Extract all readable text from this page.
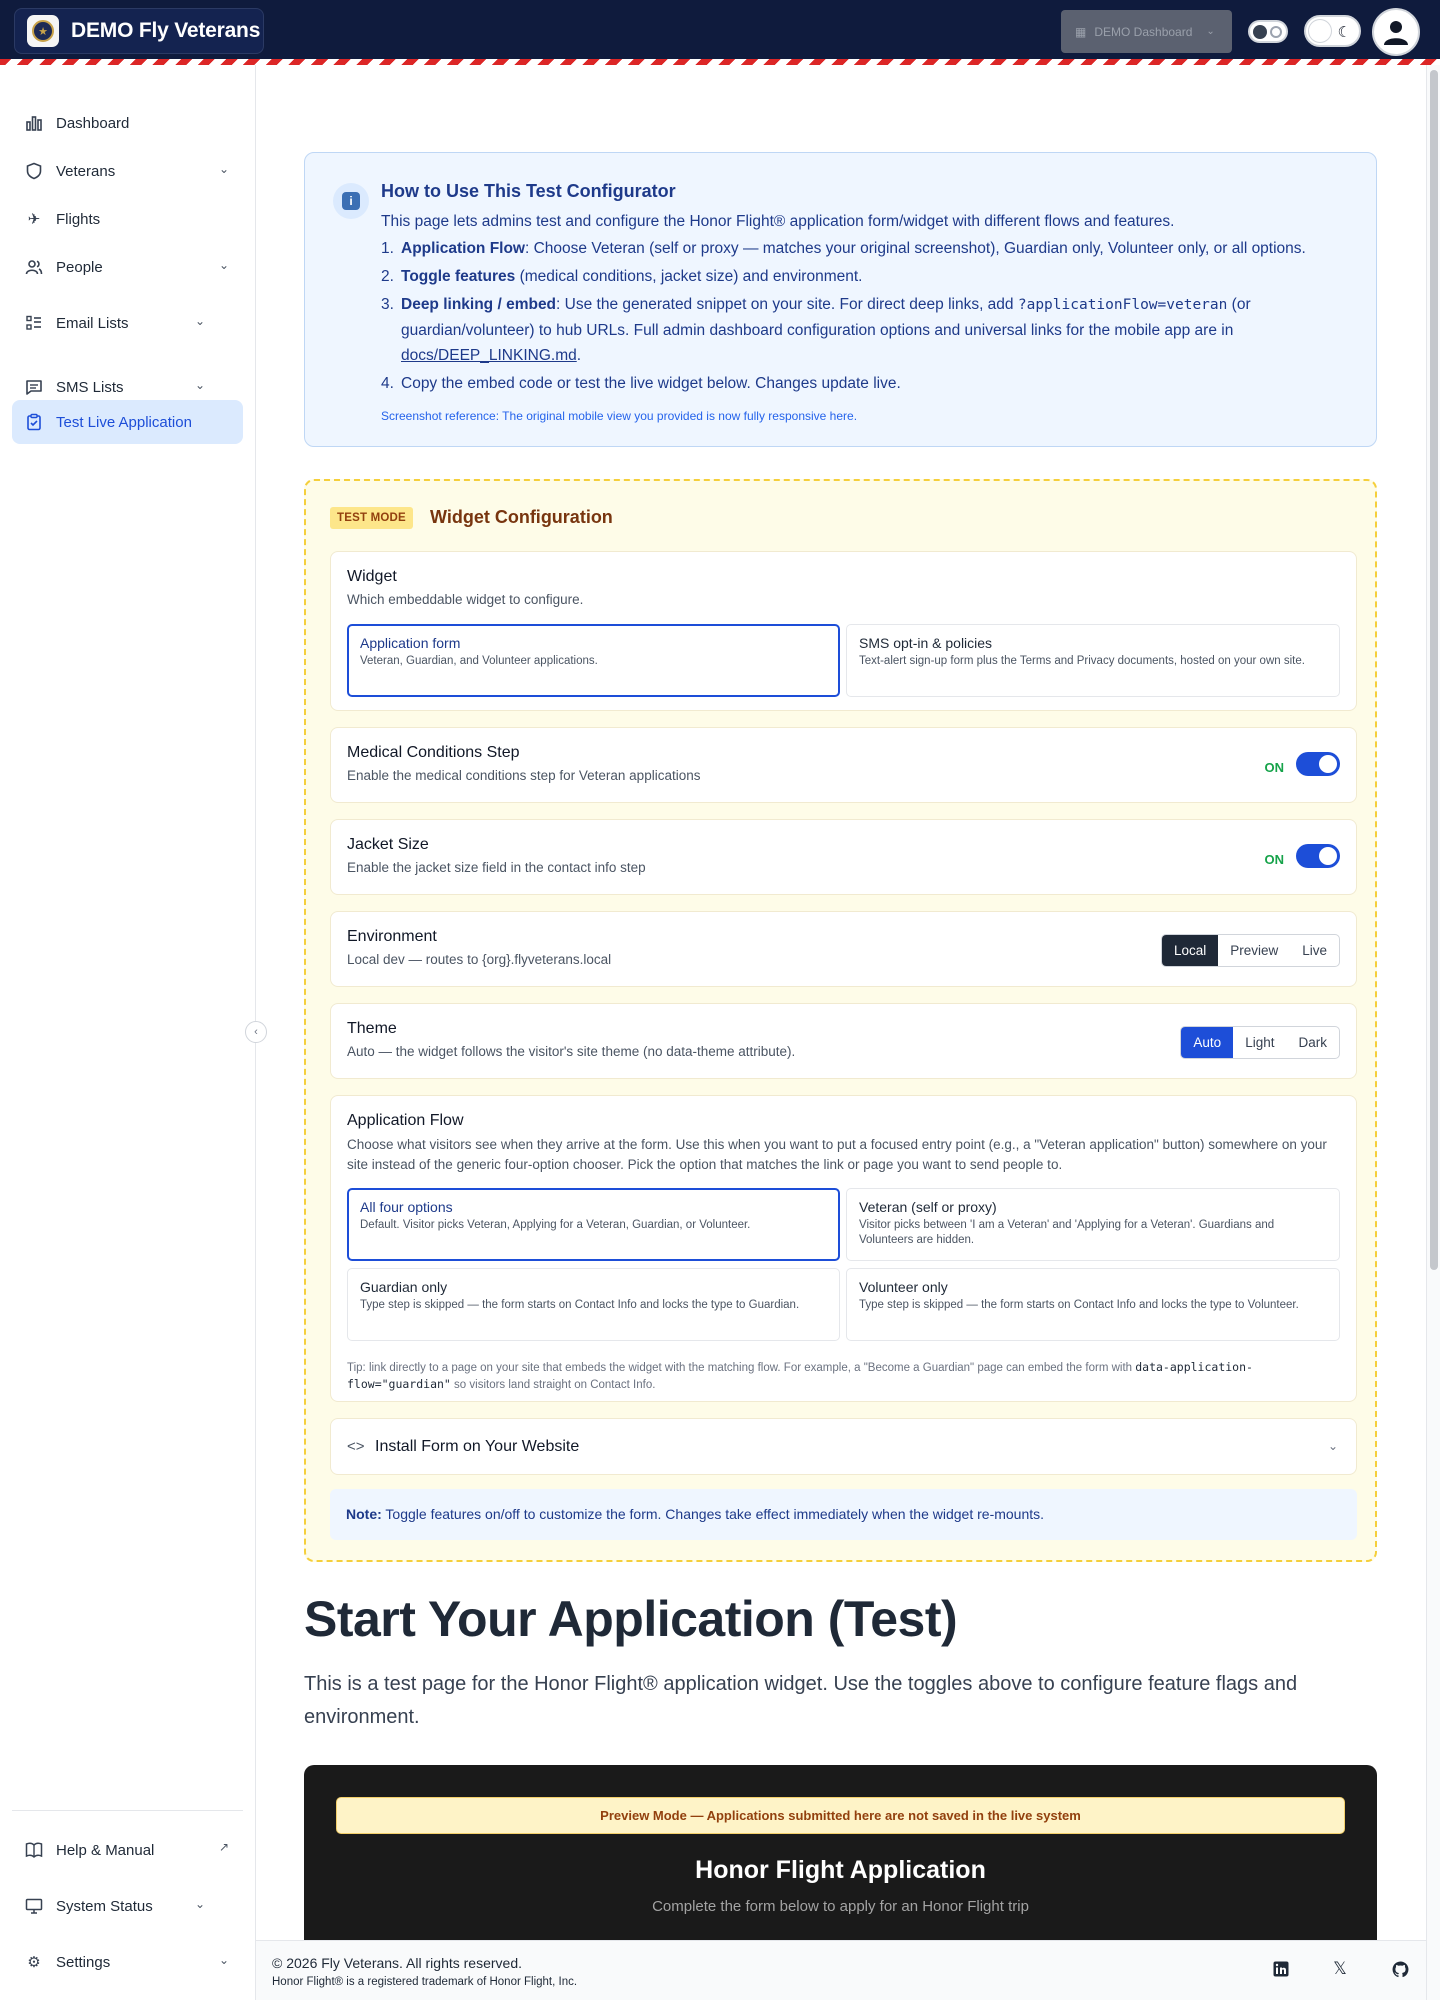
★ DEMO Fly Veterans	▦ DEMO Dashboard ⌄	☾
Dashboard
Veterans	⌄
✈ Flights
People	⌄
Email Lists	⌄
SMS Lists	⌄
Test Live Application
Help & Manual	↗
System Status	⌄
⚙ Settings	⌄
‹
i	How to Use This Test Configurator
This page lets admins test and configure the Honor Flight® application form/widget with different flows and features.
1. Application Flow: Choose Veteran (self or proxy — matches your original screenshot), Guardian only, Volunteer only, or all options.
2. Toggle features (medical conditions, jacket size) and environment.
3. Deep linking / embed: Use the generated snippet on your site. For direct deep links, add ?applicationFlow=veteran (or guardian/volunteer) to hub URLs. Full admin dashboard configuration options and universal links for the mobile app are in docs/DEEP_LINKING.md.
4. Copy the embed code or test the live widget below. Changes update live.
Screenshot reference: The original mobile view you provided is now fully responsive here.
TEST MODE	Widget Configuration
Widget
Which embeddable widget to configure.
Application form
Veteran, Guardian, and Volunteer applications.
SMS opt-in & policies
Text-alert sign-up form plus the Terms and Privacy documents, hosted on your own site.
Medical Conditions Step
Enable the medical conditions step for Veteran applications
ON
Jacket Size
Enable the jacket size field in the contact info step
ON
Environment
Local dev — routes to {org}.flyveterans.local
Local	Preview	Live
Theme
Auto — the widget follows the visitor's site theme (no data-theme attribute).
Auto	Light	Dark
Application Flow
Choose what visitors see when they arrive at the form. Use this when you want to put a focused entry point (e.g., a "Veteran application" button) somewhere on your site instead of the generic four-option chooser. Pick the option that matches the link or page you want to send people to.
All four options
Default. Visitor picks Veteran, Applying for a Veteran, Guardian, or Volunteer.
Veteran (self or proxy)
Visitor picks between 'I am a Veteran' and 'Applying for a Veteran'. Guardians and Volunteers are hidden.
Guardian only
Type step is skipped — the form starts on Contact Info and locks the type to Guardian.
Volunteer only
Type step is skipped — the form starts on Contact Info and locks the type to Volunteer.
Tip: link directly to a page on your site that embeds the widget with the matching flow. For example, a "Become a Guardian" page can embed the form with data-application-flow="guardian" so visitors land straight on Contact Info.
<> Install Form on Your Website	⌄
Note: Toggle features on/off to customize the form. Changes take effect immediately when the widget re-mounts.
Start Your Application (Test)
This is a test page for the Honor Flight® application widget. Use the toggles above to configure feature flags and environment.
Preview Mode — Applications submitted here are not saved in the live system
Honor Flight Application
Complete the form below to apply for an Honor Flight trip
© 2026 Fly Veterans. All rights reserved.
Honor Flight® is a registered trademark of Honor Flight, Inc.
𝕏
